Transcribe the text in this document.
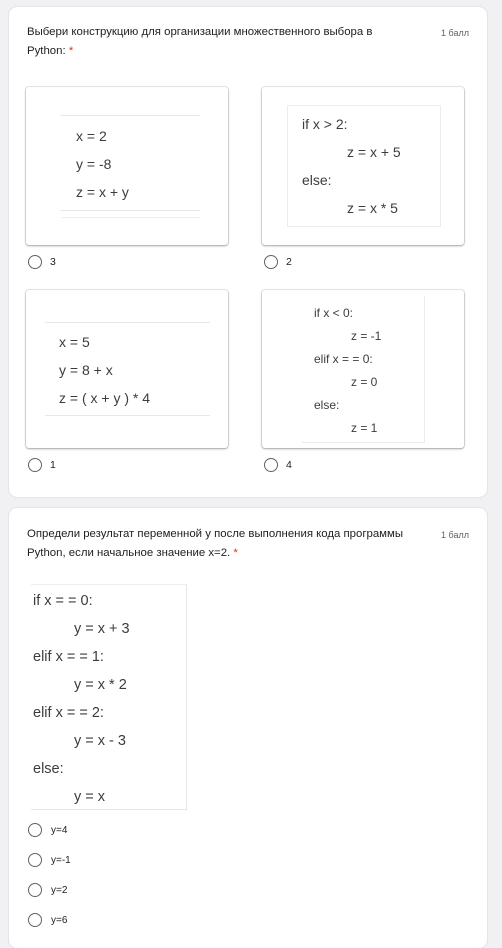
Выбери конструкцию для организации множественного выбора в Python: *
1 балл
x = 2
y = -8
z = x + y
3
if x > 2:
z = x + 5
else:
z = x * 5
2
x = 5
y = 8 + x
z = ( x + y ) * 4
1
if x < 0:
z = -1
elif x = = 0:
z = 0
else:
z = 1
4
Определи результат переменной y после выполнения кода программы Python, если начальное значение x=2. *
1 балл
if x = = 0:
y = x + 3
elif x = = 1:
y = x * 2
elif x = = 2:
y = x - 3
else:
y = x
y=4
y=-1
y=2
y=6
